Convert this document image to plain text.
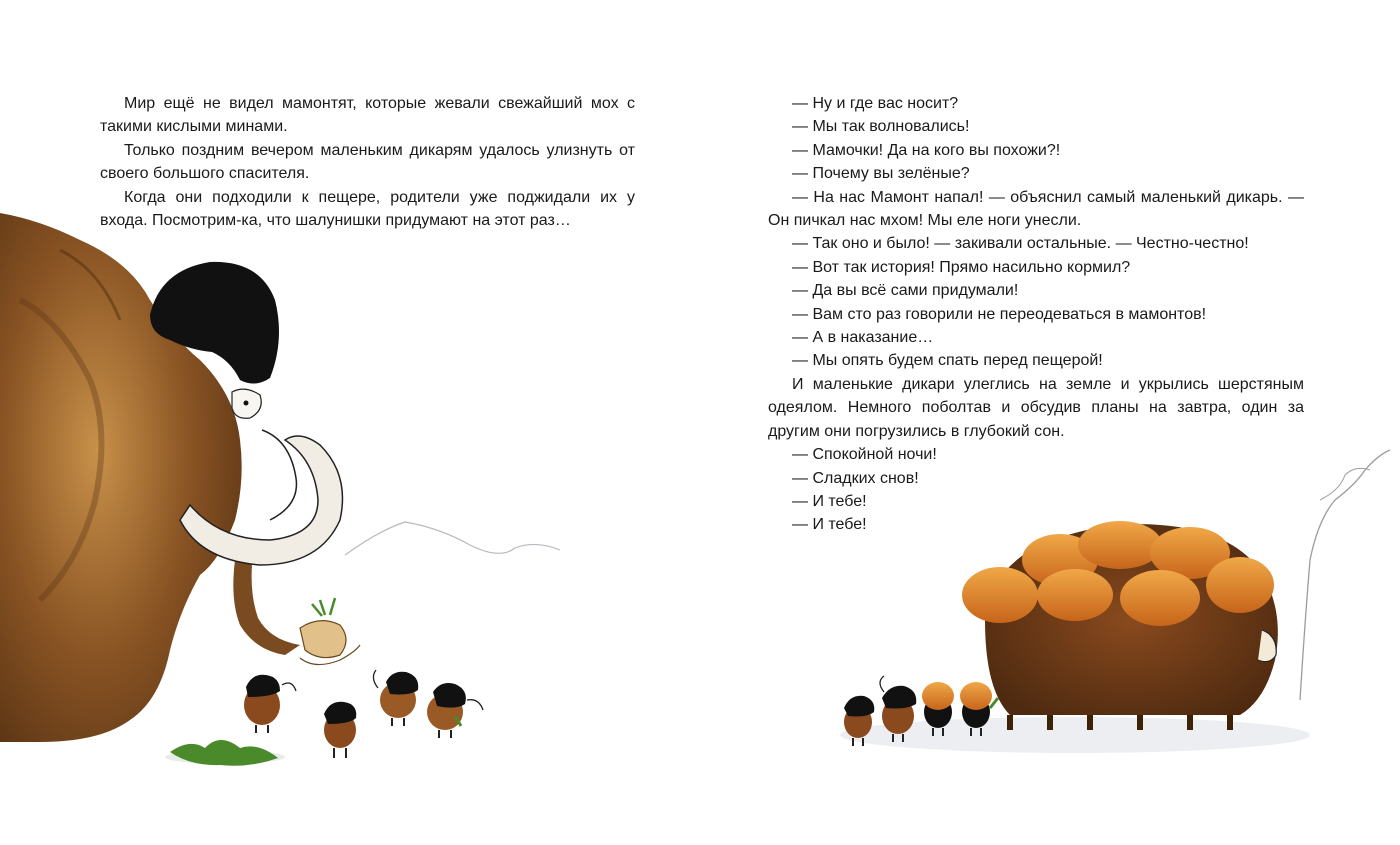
Мир ещё не видел мамонтят, которые жевали свежайший мох с такими кислыми минами.

Только поздним вечером маленьким дикарям удалось улизнуть от своего большого спасителя.

Когда они подходили к пещере, родители уже поджидали их у входа. Посмотрим-ка, что шалунишки придумают на этот раз…

— Ну и где вас носит?

— Мы так волновались!

— Мамочки! Да на кого вы похожи?!

— Почему вы зелёные?

— На нас Мамонт напал! — объяснил самый маленький дикарь. — Он пичкал нас мхом! Мы еле ноги унесли.

— Так оно и было! — закивали остальные. — Честно-честно!

— Вот так история! Прямо насильно кормил?

— Да вы всё сами придумали!

— Вам сто раз говорили не переодеваться в мамонтов!

— А в наказание…

— Мы опять будем спать перед пещерой!

И маленькие дикари улеглись на земле и укрылись шерстяным одеялом. Немного поболтав и обсудив планы на завтра, один за другим они погрузились в глубокий сон.

— Спокойной ночи!

— Сладких снов!

— И тебе!

— И тебе!
